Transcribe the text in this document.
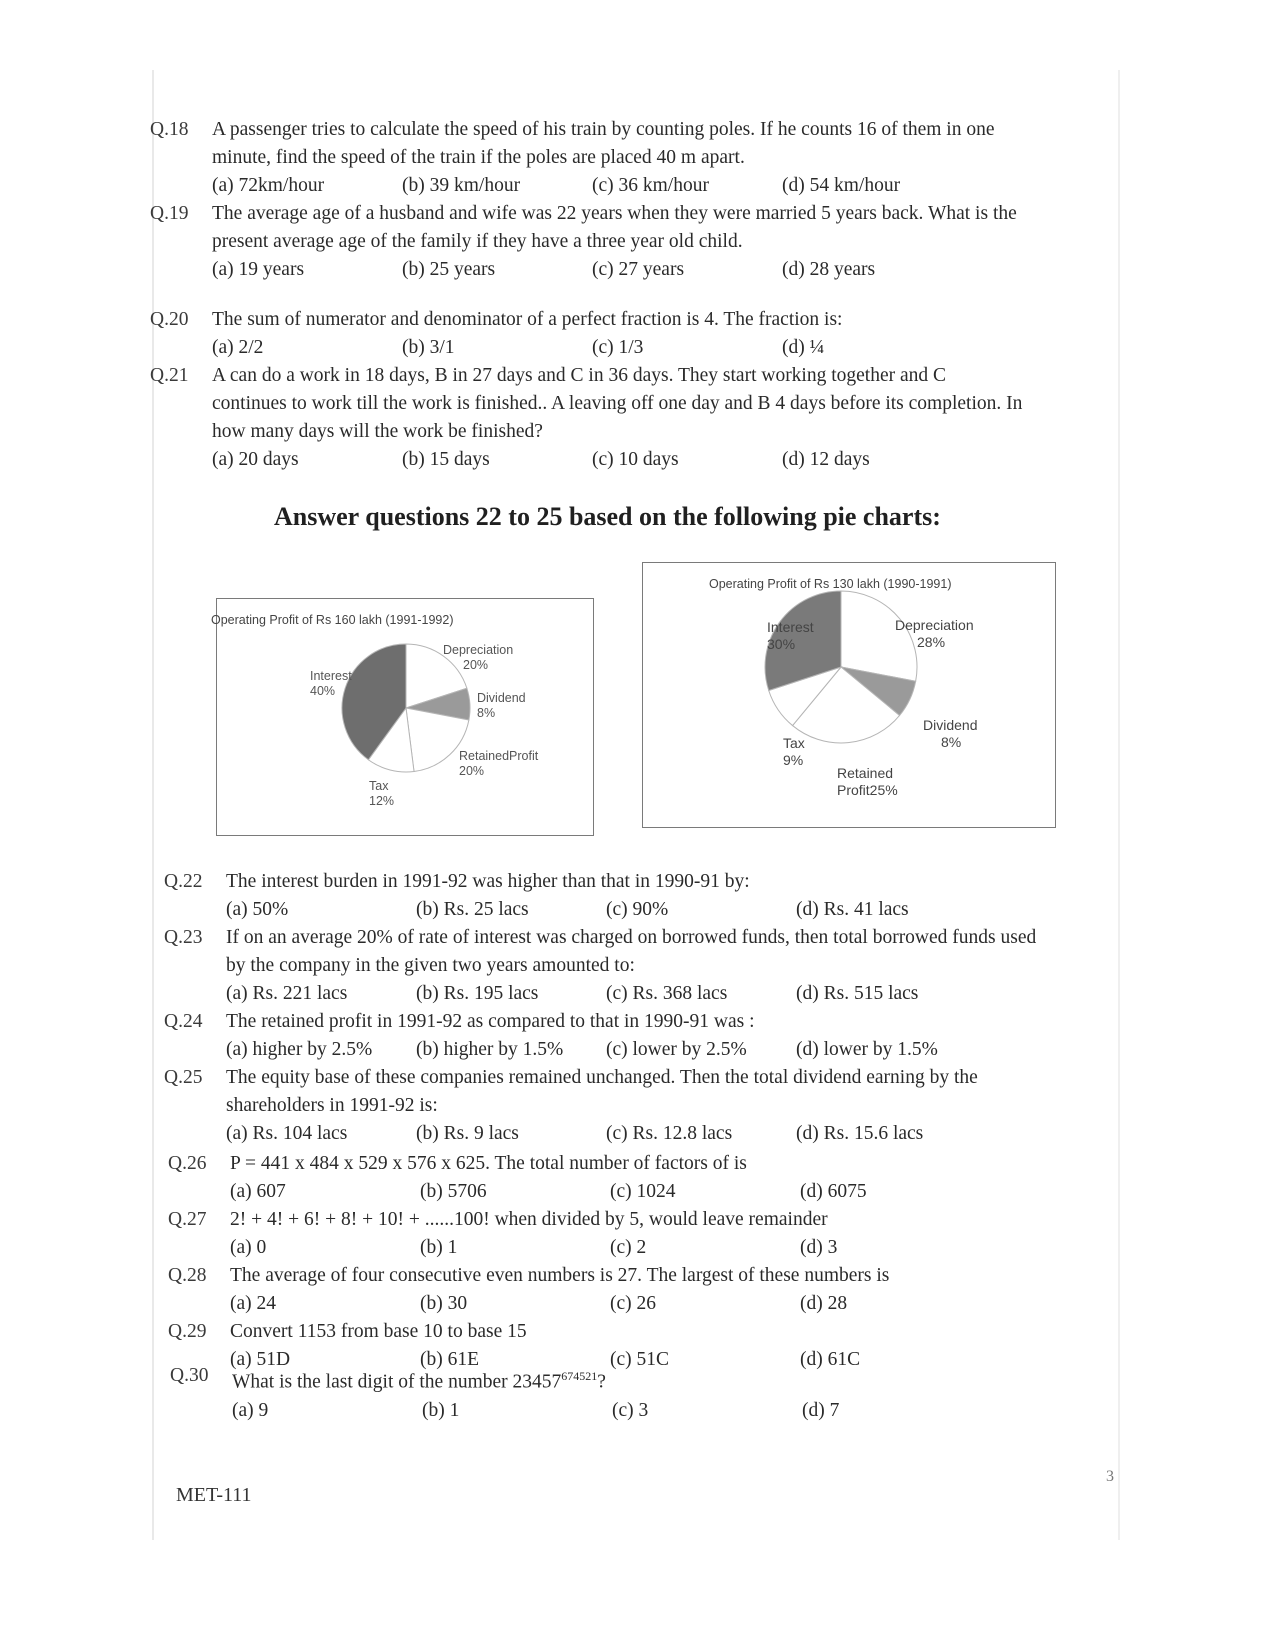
Q.18	A passenger tries to calculate the speed of his train by counting poles. If he counts 16 of them in one
minute, find the speed of the train if the poles are placed 40 m apart.
(a) 72km/hour	(b) 39 km/hour	(c) 36 km/hour	(d) 54 km/hour
Q.19	The average age of a husband and wife was 22 years when they were married 5 years back. What is the
present average age of the family if they have a three year old child.
(a) 19 years	(b) 25 years	(c) 27 years	(d) 28 years
Q.20	The sum of numerator and denominator of a perfect fraction is 4. The fraction is:
(a) 2/2	(b) 3/1	(c) 1/3	(d) ¼
Q.21	A can do a work in 18 days, B in 27 days and C in 36 days. They start working together and C
continues to work till the work is finished.. A leaving off one day and B 4 days before its completion. In
how many days will the work be finished?
(a) 20 days	(b) 15 days	(c) 10 days	(d) 12 days
Answer questions 22 to 25 based on the following pie charts:
Operating Profit of Rs 160 lakh (1991-1992)
Interest
40%
Depreciation
20%
Dividend
8%
RetainedProfit
20%
Tax
12%
Operating Profit of Rs 130 lakh (1990-1991)
Interest
30%
Depreciation
28%
Dividend
8%
Tax
9%
Retained
Profit25%
Q.22	The interest burden in 1991-92 was higher than that in 1990-91 by:
(a) 50%	(b) Rs. 25 lacs	(c) 90%	(d) Rs. 41 lacs
Q.23	If on an average 20% of rate of interest was charged on borrowed funds, then total borrowed funds used
by the company in the given two years amounted to:
(a) Rs. 221 lacs	(b) Rs. 195 lacs	(c) Rs. 368 lacs	(d) Rs. 515 lacs
Q.24	The retained profit in 1991-92 as compared to that in 1990-91 was :
(a) higher by 2.5%	(b) higher by 1.5%	(c) lower by 2.5%	(d) lower by 1.5%
Q.25	The equity base of these companies remained unchanged. Then the total dividend earning by the
shareholders in 1991-92 is:
(a) Rs. 104 lacs	(b) Rs. 9 lacs	(c) Rs. 12.8 lacs	(d) Rs. 15.6 lacs
Q.26	P = 441 x 484 x 529 x 576 x 625. The total number of factors of is
(a) 607	(b) 5706	(c) 1024	(d) 6075
Q.27	2! + 4! + 6! + 8! + 10! + ......100! when divided by 5, would leave remainder
(a) 0	(b) 1	(c) 2	(d) 3
Q.28	The average of four consecutive even numbers is 27. The largest of these numbers is
(a) 24	(b) 30	(c) 26	(d) 28
Q.29	Convert 1153 from base 10 to base 15
(a) 51D	(b) 61E	(c) 51C	(d) 61C
Q.30	What is the last digit of the number $23457^{674521}$?
(a) 9	(b) 1	(c) 3	(d) 7
MET-111
3
